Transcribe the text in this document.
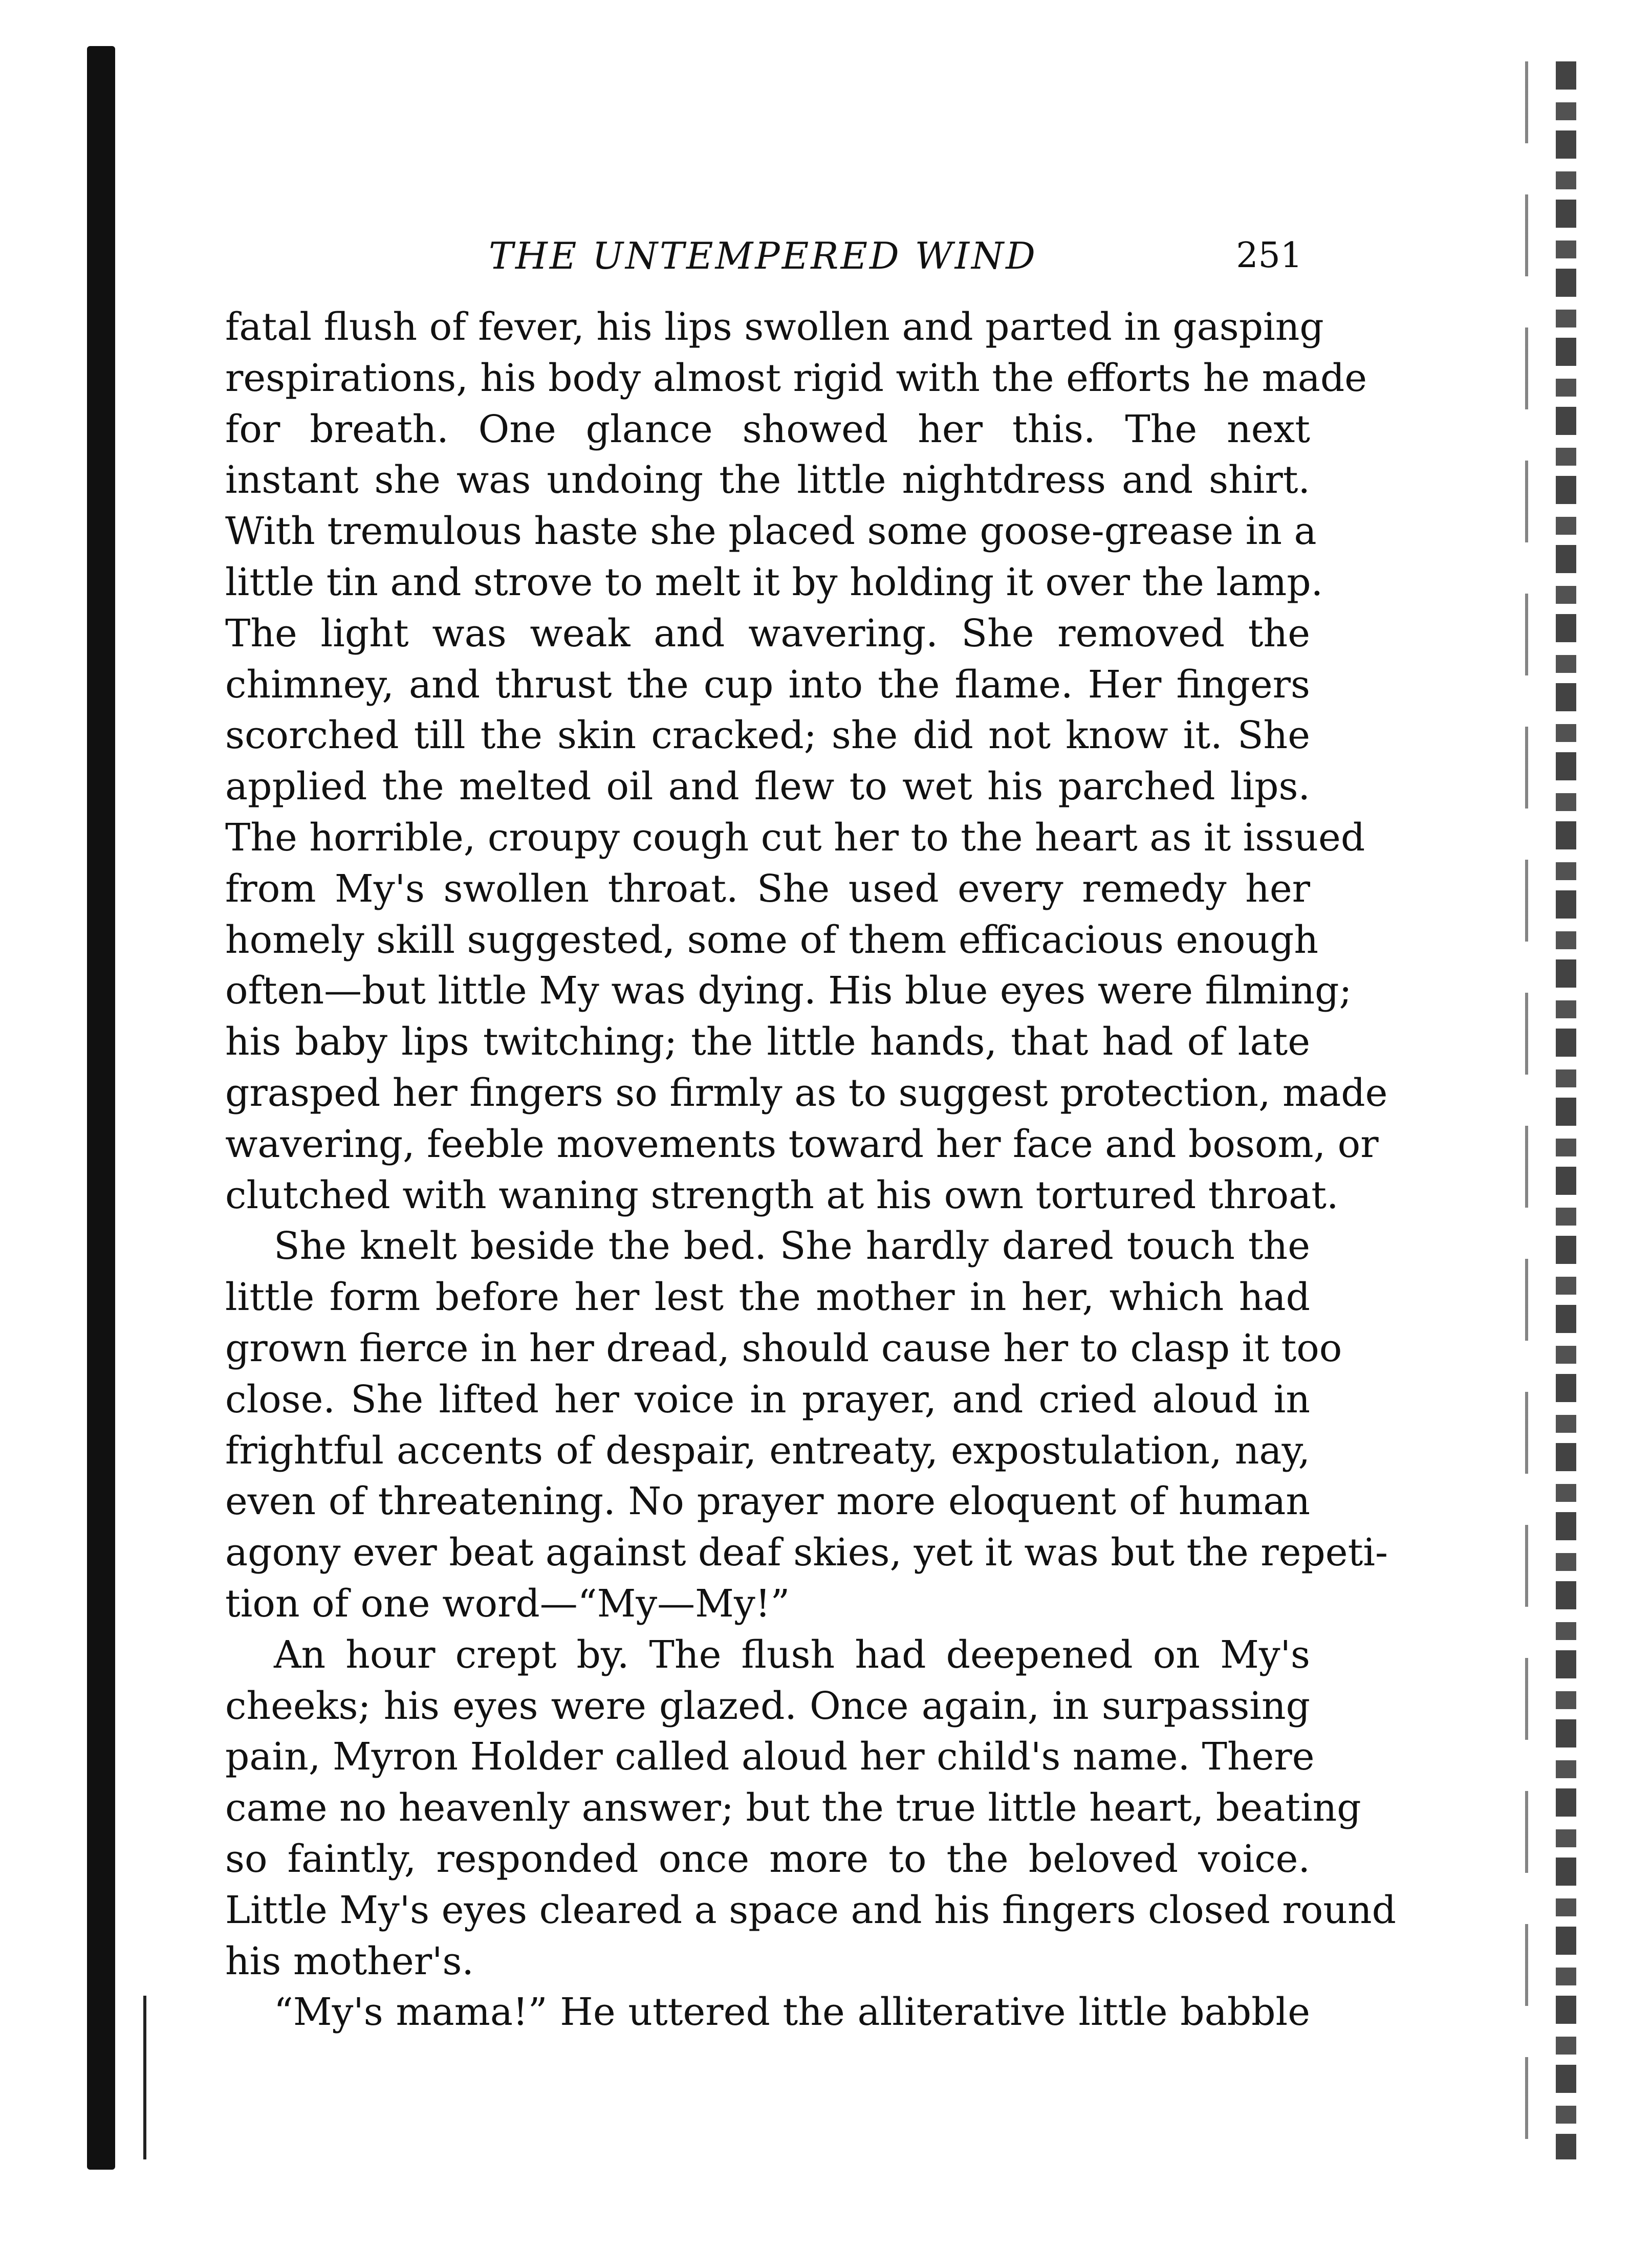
THE UNTEMPERED WIND	251
fatal flush of fever, his lips swollen and parted in gasping
respirations, his body almost rigid with the efforts he made
for breath. One glance showed her this. The next
instant she was undoing the little nightdress and shirt.
With tremulous haste she placed some goose-grease in a
little tin and strove to melt it by holding it over the lamp.
The light was weak and wavering. She removed the
chimney, and thrust the cup into the flame. Her fingers
scorched till the skin cracked; she did not know it. She
applied the melted oil and flew to wet his parched lips.
The horrible, croupy cough cut her to the heart as it issued
from My's swollen throat. She used every remedy her
homely skill suggested, some of them efficacious enough
often—but little My was dying. His blue eyes were filming;
his baby lips twitching; the little hands, that had of late
grasped her fingers so firmly as to suggest protection, made
wavering, feeble movements toward her face and bosom, or
clutched with waning strength at his own tortured throat.
She knelt beside the bed. She hardly dared touch the
little form before her lest the mother in her, which had
grown fierce in her dread, should cause her to clasp it too
close. She lifted her voice in prayer, and cried aloud in
frightful accents of despair, entreaty, expostulation, nay,
even of threatening. No prayer more eloquent of human
agony ever beat against deaf skies, yet it was but the repeti-
tion of one word—“My—My!”
An hour crept by. The flush had deepened on My's
cheeks; his eyes were glazed. Once again, in surpassing
pain, Myron Holder called aloud her child's name. There
came no heavenly answer; but the true little heart, beating
so faintly, responded once more to the beloved voice.
Little My's eyes cleared a space and his fingers closed round
his mother's.
“My's mama!” He uttered the alliterative little babble
